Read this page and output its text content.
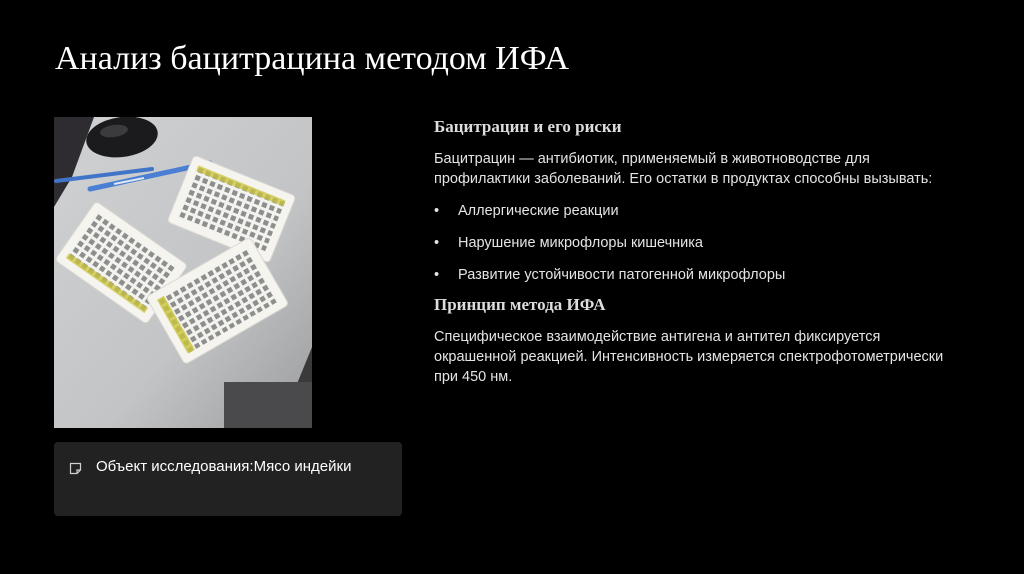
Анализ бацитрацина методом ИФА
Объект исследования:Мясо индейки
Бацитрацин и его риски

Бацитрацин — антибиотик, применяемый в животноводстве для профилактики заболеваний. Его остатки в продуктах способны вызывать:

• Аллергические реакции
• Нарушение микрофлоры кишечника
• Развитие устойчивости патогенной микрофлоры
Принцип метода ИФА

Специфическое взаимодействие антигена и антител фиксируется окрашенной реакцией. Интенсивность измеряется спектрофотометрически при 450 нм.
